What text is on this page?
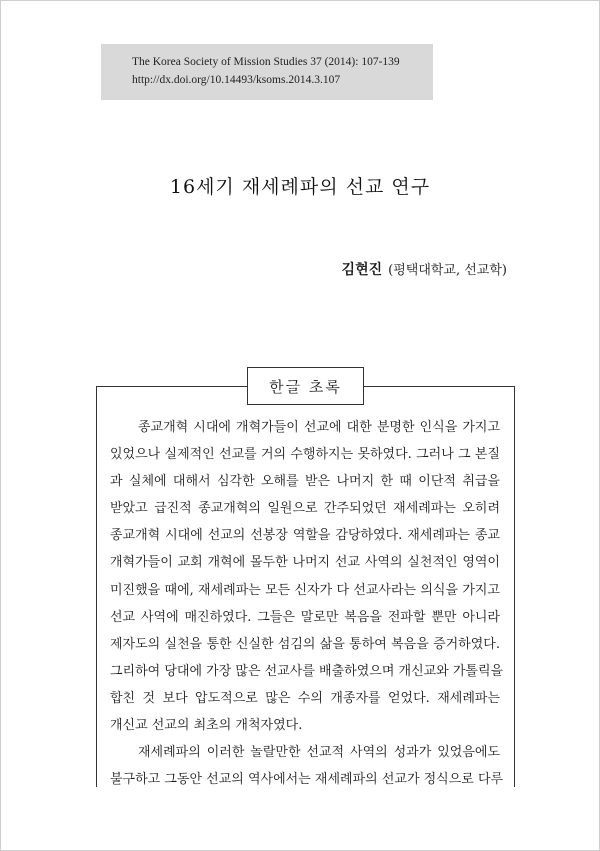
The Korea Society of Mission Studies 37 (2014): 107-139
http://dx.doi.org/10.14493/ksoms.2014.3.107
16세기 재세례파의 선교 연구
김현진 (평택대학교, 선교학)
한글 초록
종교개혁 시대에 개혁가들이 선교에 대한 분명한 인식을 가지고
있었으나 실제적인 선교를 거의 수행하지는 못하였다. 그러나 그 본질
과 실체에 대해서 심각한 오해를 받은 나머지 한 때 이단적 취급을
받았고 급진적 종교개혁의 일원으로 간주되었던 재세례파는 오히려
종교개혁 시대에 선교의 선봉장 역할을 감당하였다. 재세례파는 종교
개혁가들이 교회 개혁에 몰두한 나머지 선교 사역의 실천적인 영역이
미진했을 때에, 재세례파는 모든 신자가 다 선교사라는 의식을 가지고
선교 사역에 매진하였다. 그들은 말로만 복음을 전파할 뿐만 아니라
제자도의 실천을 통한 신실한 섬김의 삶을 통하여 복음을 증거하였다.
그리하여 당대에 가장 많은 선교사를 배출하였으며 개신교와 가톨릭을
합친 것 보다 압도적으로 많은 수의 개종자를 얻었다. 재세례파는
개신교 선교의 최초의 개척자였다.
재세례파의 이러한 놀랄만한 선교적 사역의 성과가 있었음에도
불구하고 그동안 선교의 역사에서는 재세례파의 선교가 정식으로 다루
